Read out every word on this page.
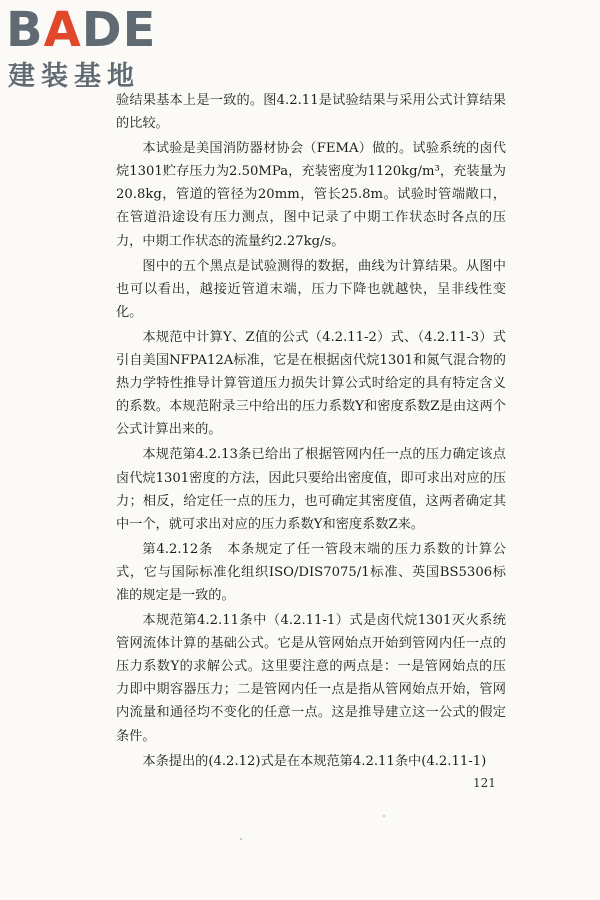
BADE
建装基地

验结果基本上是一致的。图4.2.11是试验结果与采用公式计算结果的比较。

本试验是美国消防器材协会（FEMA）做的。试验系统的卤代烷1301贮存压力为2.50MPa，充装密度为1120kg/m³，充装量为20.8kg，管道的管径为20mm，管长25.8m。试验时管端敞口，在管道沿途设有压力测点，图中记录了中期工作状态时各点的压力，中期工作状态的流量约2.27kg/s。

图中的五个黑点是试验测得的数据，曲线为计算结果。从图中也可以看出，越接近管道末端，压力下降也就越快，呈非线性变化。

本规范中计算Y、Z值的公式（4.2.11-2）式、（4.2.11-3）式引自美国NFPA12A标准，它是在根据卤代烷1301和氮气混合物的热力学特性推导计算管道压力损失计算公式时给定的具有特定含义的系数。本规范附录三中给出的压力系数Y和密度系数Z是由这两个公式计算出来的。

本规范第4.2.13条已给出了根据管网内任一点的压力确定该点卤代烷1301密度的方法，因此只要给出密度值，即可求出对应的压力；相反，给定任一点的压力，也可确定其密度值，这两者确定其中一个，就可求出对应的压力系数Y和密度系数Z来。

第4.2.12条　本条规定了任一管段末端的压力系数的计算公式，它与国际标准化组织ISO/DIS7075/1标准、英国BS5306标准的规定是一致的。

本规范第4.2.11条中（4.2.11-1）式是卤代烷1301灭火系统管网流体计算的基础公式。它是从管网始点开始到管网内任一点的压力系数Y的求解公式。这里要注意的两点是：一是管网始点的压力即中期容器压力；二是管网内任一点是指从管网始点开始，管网内流量和通径均不变化的任意一点。这是推导建立这一公式的假定条件。

本条提出的(4.2.12)式是在本规范第4.2.11条中(4.2.11-1)

121
